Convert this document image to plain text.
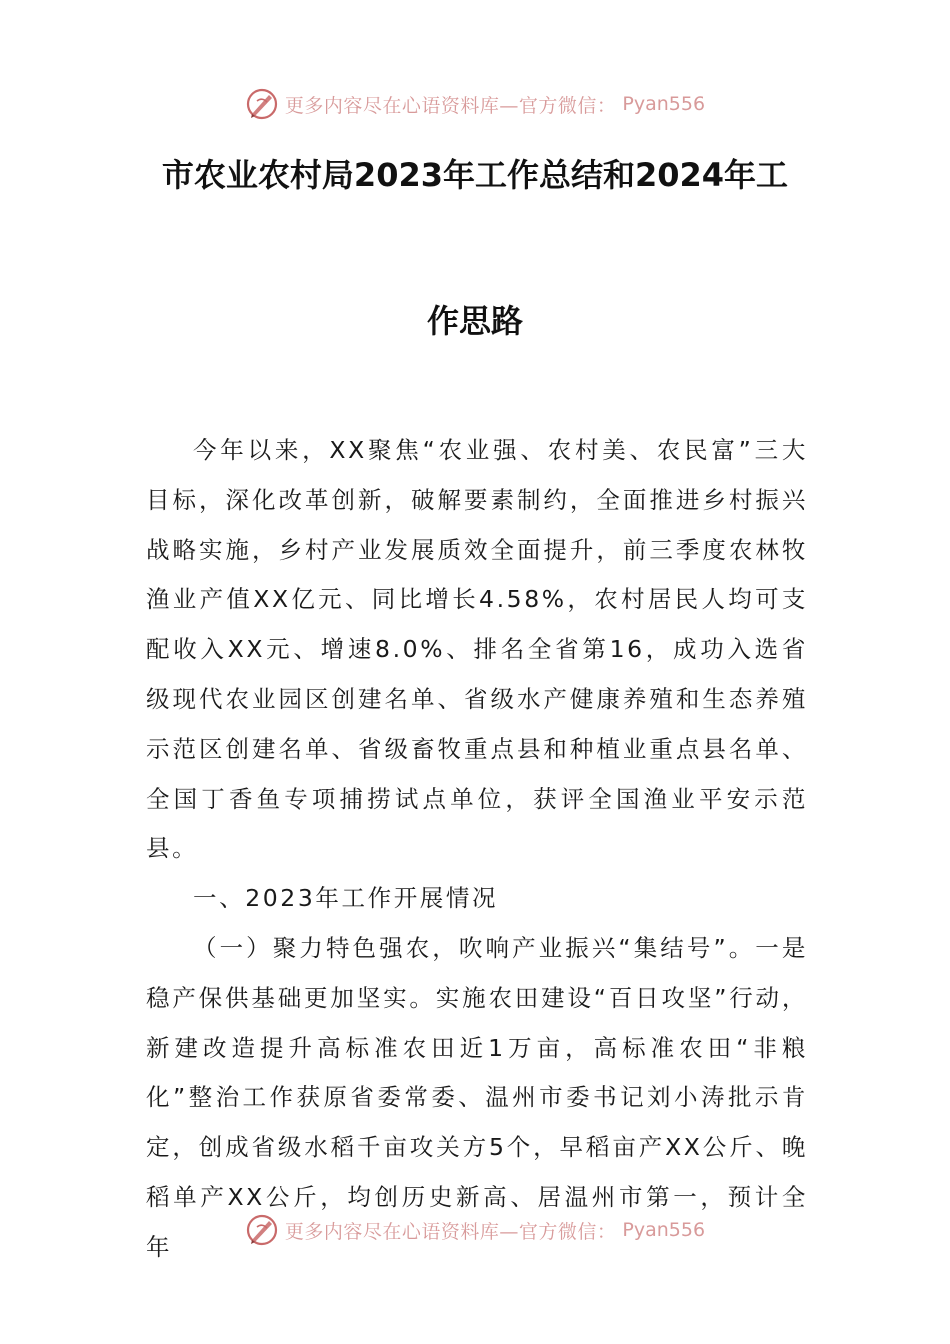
更多内容尽在心语资料库—官方微信： Pyan556
市农业农村局2023年工作总结和2024年工
作思路

今年以来，XX聚焦“农业强、农村美、农民富”三大目标，深化改革创新，破解要素制约，全面推进乡村振兴战略实施，乡村产业发展质效全面提升，前三季度农林牧渔业产值XX亿元、同比增长4.58%，农村居民人均可支配收入XX元、增速8.0%、排名全省第16，成功入选省级现代农业园区创建名单、省级水产健康养殖和生态养殖示范区创建名单、省级畜牧重点县和种植业重点县名单、全国丁香鱼专项捕捞试点单位，获评全国渔业平安示范县。

一、2023年工作开展情况

（一）聚力特色强农，吹响产业振兴“集结号”。一是稳产保供基础更加坚实。实施农田建设“百日攻坚”行动，新建改造提升高标准农田近1万亩，高标准农田“非粮化”整治工作获原省委常委、温州市委书记刘小涛批示肯定，创成省级水稻千亩攻关方5个，早稻亩产XX公斤、晚稻单产XX公斤，均创历史新高、居温州市第一，预计全年

更多内容尽在心语资料库—官方微信： Pyan556
